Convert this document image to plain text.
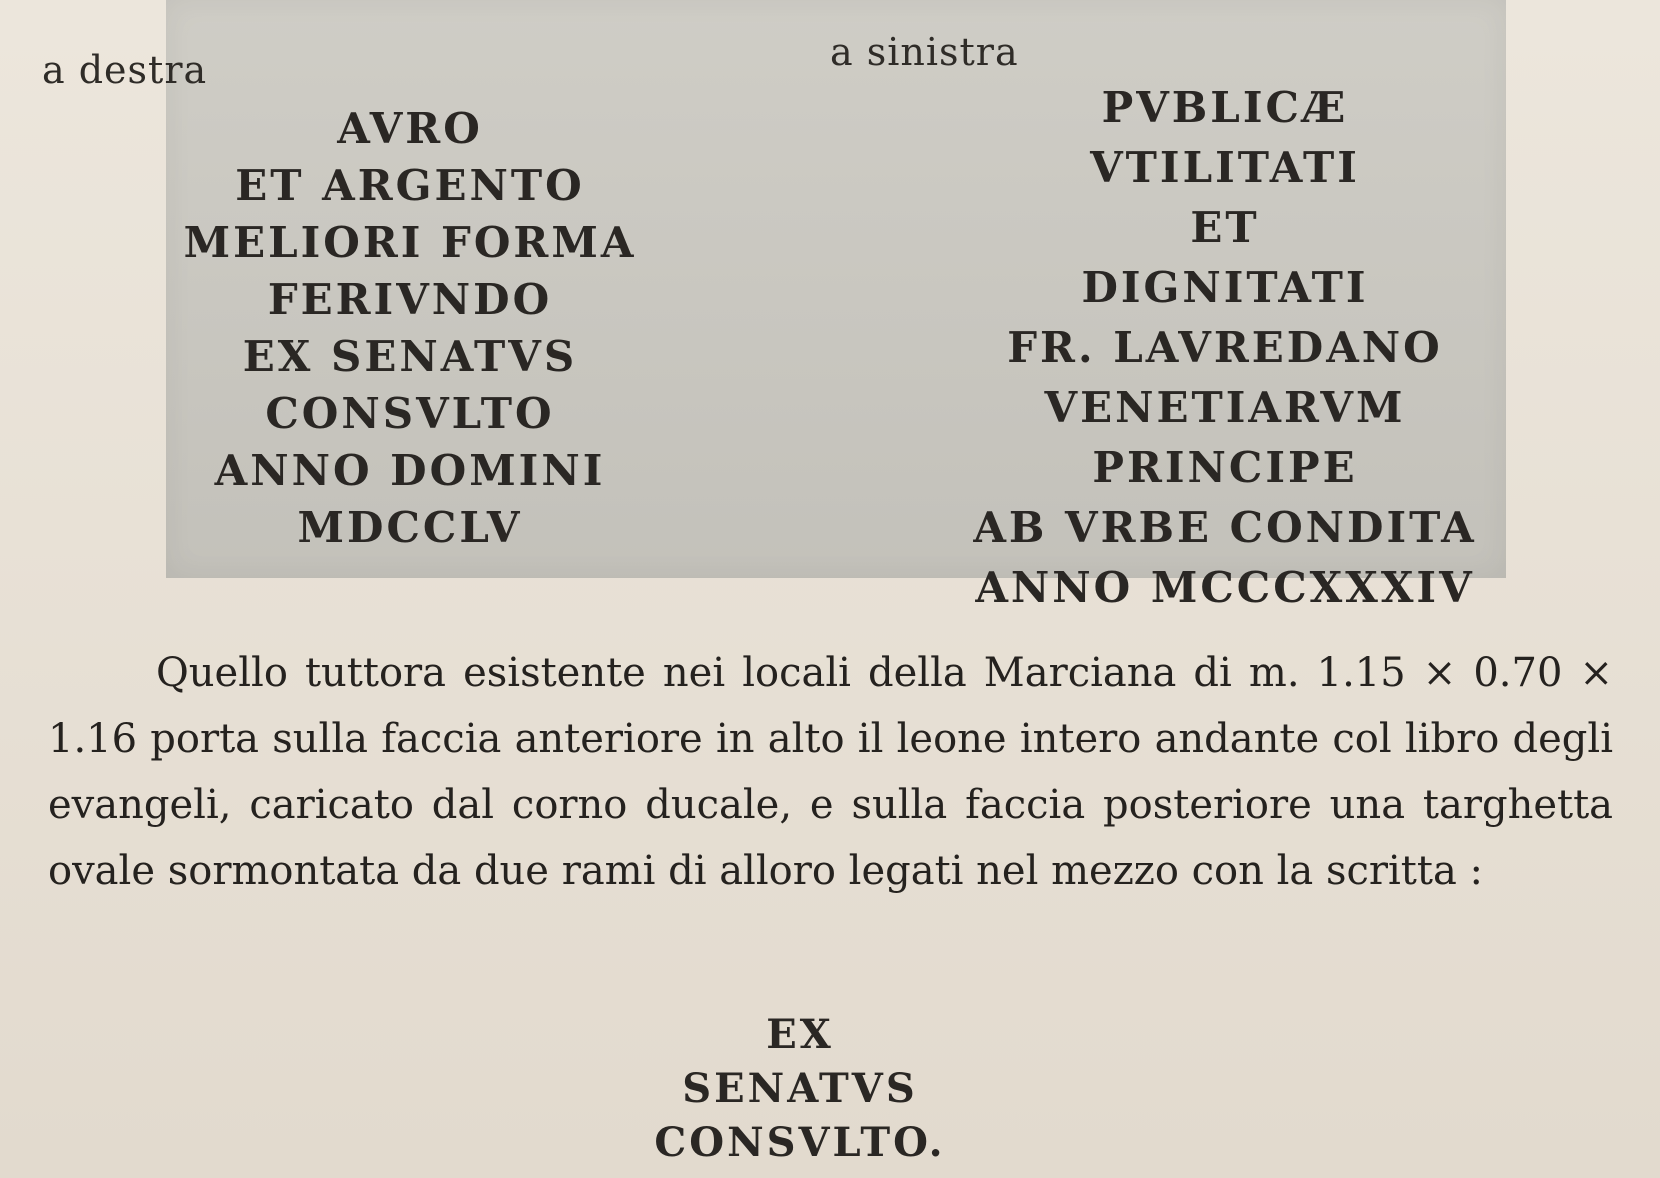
a destra	a sinistra
AVRO
ET ARGENTO
MELIORI FORMA
FERIVNDO
EX SENATVS
CONSVLTO
ANNO DOMINI
MDCCLV
PVBLICÆ
VTILITATI
ET
DIGNITATI
FR. LAVREDANO
VENETIARVM
PRINCIPE
AB VRBE CONDITA
ANNO MCCCXXXIV

Quello tuttora esistente nei locali della Marciana di m. 1.15 × 0.70 × 1.16 porta sulla faccia anteriore in alto il leone intero andante col libro degli evangeli, caricato dal corno ducale, e sulla faccia posteriore una targhetta ovale sormontata da due rami di alloro legati nel mezzo con la scritta :

EX
SENATVS
CONSVLTO.
